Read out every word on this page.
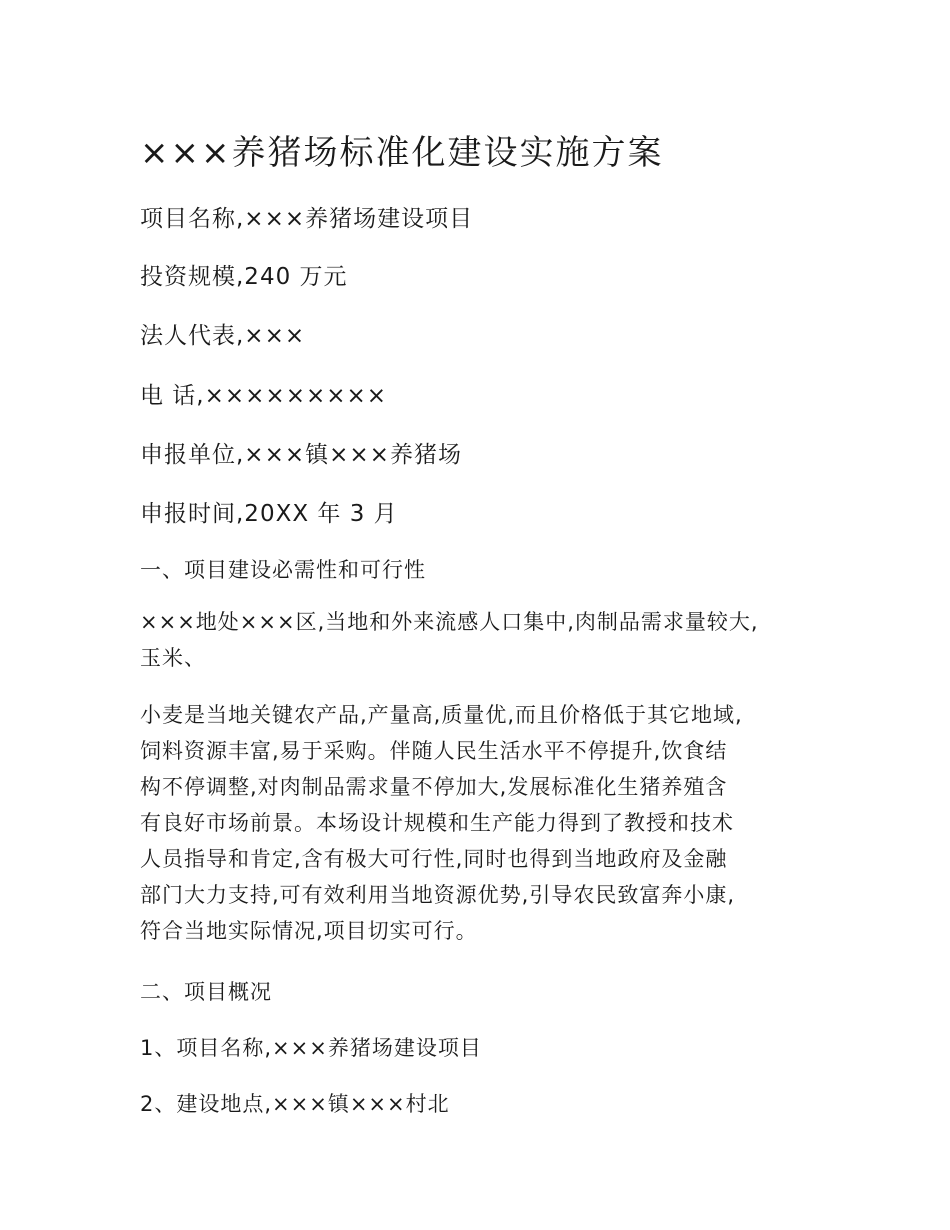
×××养猪场标准化建设实施方案
项目名称,×××养猪场建设项目
投资规模,240 万元
法人代表,×××
电 话,×××××××××
申报单位,×××镇×××养猪场
申报时间,20XX 年 3 月
一、项目建设必需性和可行性
×××地处×××区,当地和外来流感人口集中,肉制品需求量较大,
玉米、
小麦是当地关键农产品,产量高,质量优,而且价格低于其它地域,
饲料资源丰富,易于采购。伴随人民生活水平不停提升,饮食结
构不停调整,对肉制品需求量不停加大,发展标准化生猪养殖含
有良好市场前景。本场设计规模和生产能力得到了教授和技术
人员指导和肯定,含有极大可行性,同时也得到当地政府及金融
部门大力支持,可有效利用当地资源优势,引导农民致富奔小康,
符合当地实际情况,项目切实可行。
二、项目概况
1、项目名称,×××养猪场建设项目
2、建设地点,×××镇×××村北
